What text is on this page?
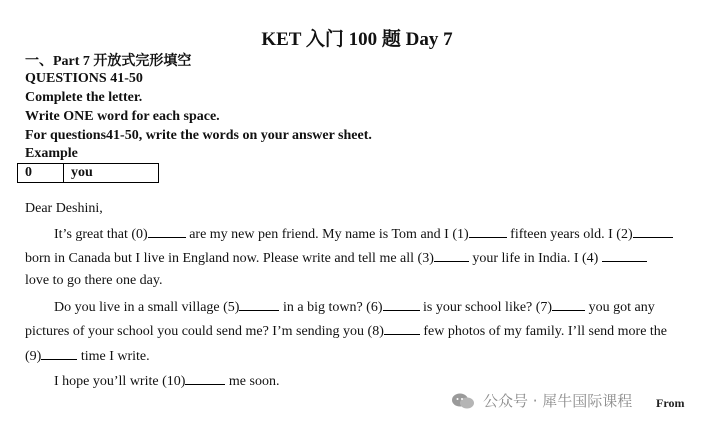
KET 入门 100 题 Day 7
一、Part 7 开放式完形填空
QUESTIONS 41-50
Complete the letter.
Write ONE word for each space.
For questions41-50, write the words on your answer sheet.
Example
0	you
Dear Deshini,
It’s great that (0)	are my new pen friend. My name is Tom and I (1)	fifteen years old. I (2)
born in Canada but I live in England now. Please write and tell me all (3)	your life in India. I (4)
love to go there one day.
Do you live in a small village (5)	in a big town? (6)	is your school like? (7)	you got any
pictures of your school you could send me? I’m sending you (8)	few photos of my family. I’ll send more the
(9)	time I write.
I hope you’ll write (10)	me soon.
From
公众号 · 犀牛国际课程
